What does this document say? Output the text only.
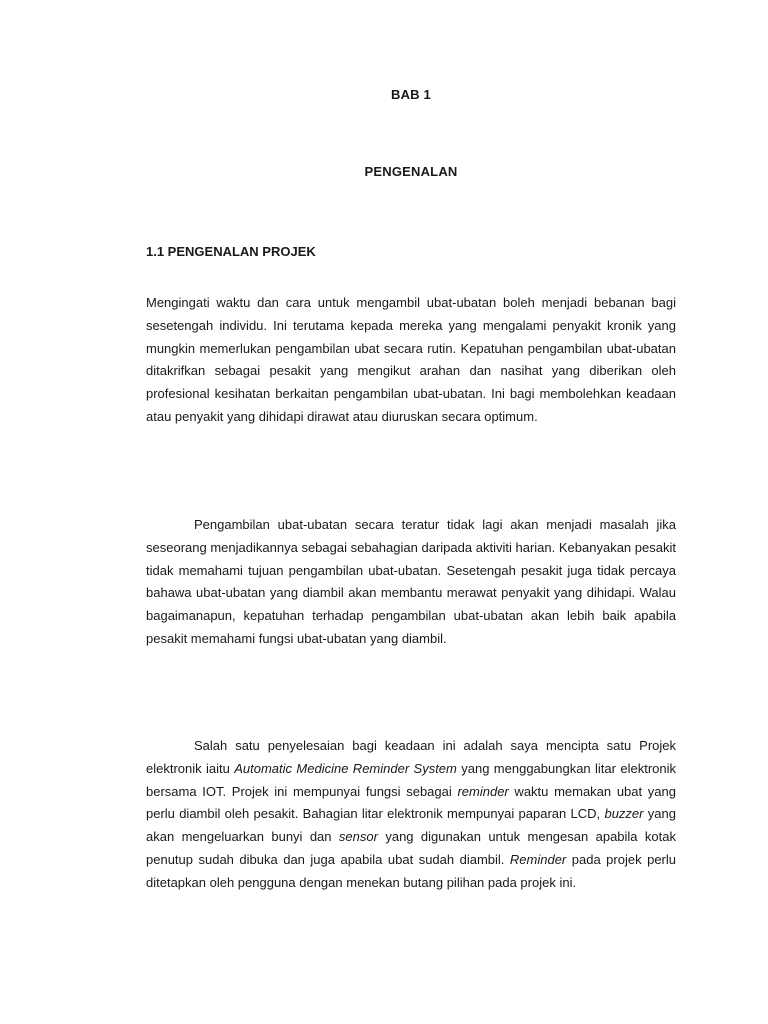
BAB 1
PENGENALAN
1.1 PENGENALAN PROJEK

Mengingati waktu dan cara untuk mengambil ubat-ubatan boleh menjadi bebanan bagi sesetengah individu. Ini terutama kepada mereka yang mengalami penyakit kronik yang mungkin memerlukan pengambilan ubat secara rutin. Kepatuhan pengambilan ubat-ubatan ditakrifkan sebagai pesakit yang mengikut arahan dan nasihat yang diberikan oleh profesional kesihatan berkaitan pengambilan ubat-ubatan. Ini bagi membolehkan keadaan atau penyakit yang dihidapi dirawat atau diuruskan secara optimum.

Pengambilan ubat-ubatan secara teratur tidak lagi akan menjadi masalah jika seseorang menjadikannya sebagai sebahagian daripada aktiviti harian. Kebanyakan pesakit tidak memahami tujuan pengambilan ubat-ubatan. Sesetengah pesakit juga tidak percaya bahawa ubat-ubatan yang diambil akan membantu merawat penyakit yang dihidapi. Walau bagaimanapun, kepatuhan terhadap pengambilan ubat-ubatan akan lebih baik apabila pesakit memahami fungsi ubat-ubatan yang diambil.

Salah satu penyelesaian bagi keadaan ini adalah saya mencipta satu Projek elektronik iaitu Automatic Medicine Reminder System yang menggabungkan litar elektronik bersama IOT. Projek ini mempunyai fungsi sebagai reminder waktu memakan ubat yang perlu diambil oleh pesakit. Bahagian litar elektronik mempunyai paparan LCD, buzzer yang akan mengeluarkan bunyi dan sensor yang digunakan untuk mengesan apabila kotak penutup sudah dibuka dan juga apabila ubat sudah diambil. Reminder pada projek perlu ditetapkan oleh pengguna dengan menekan butang pilihan pada projek ini.
